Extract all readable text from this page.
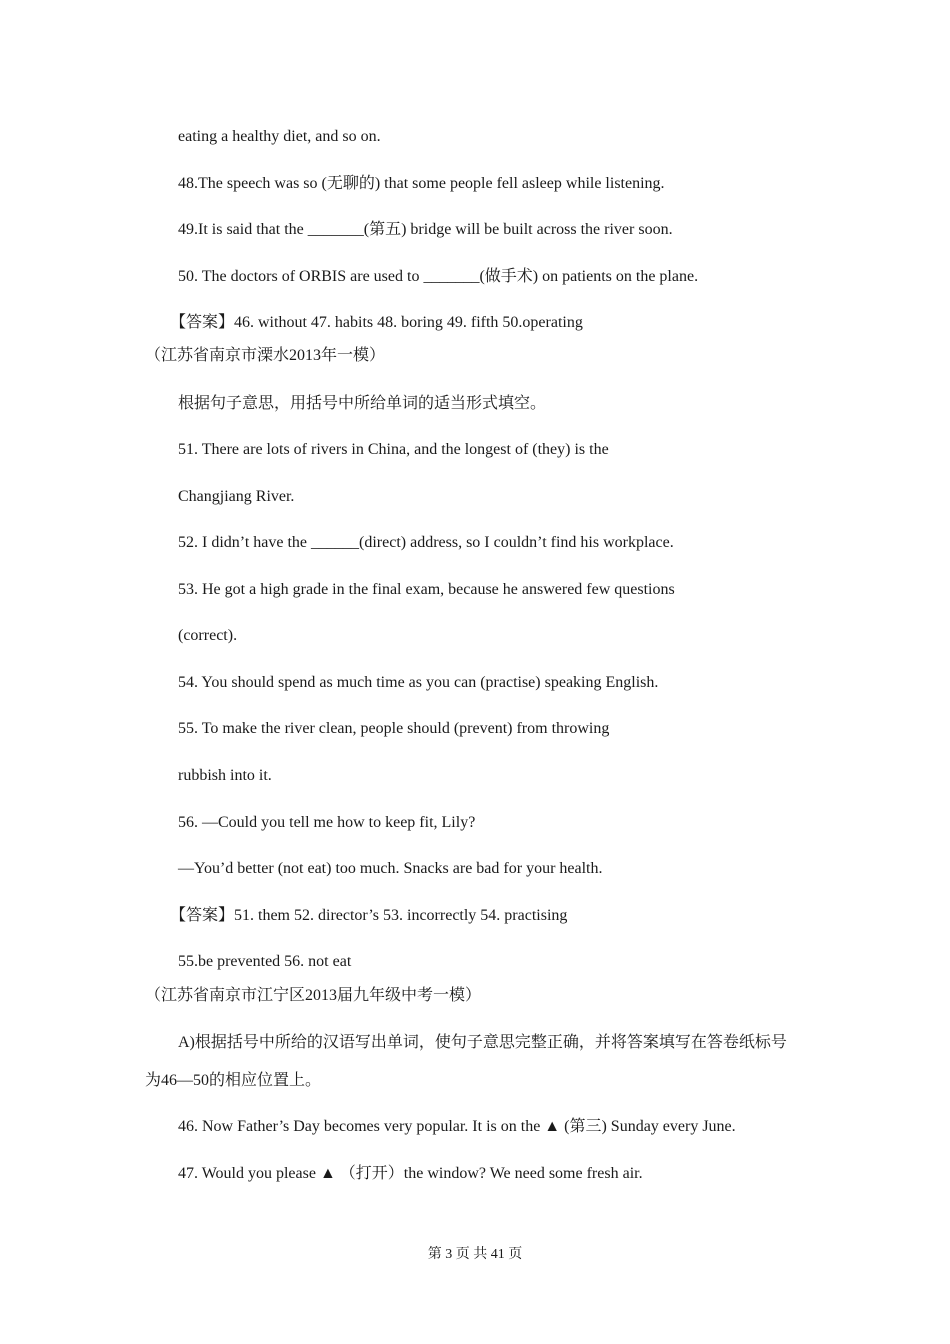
eating a healthy diet, and so on.
48.The speech was so (无聊的) that some people fell asleep while listening.
49.It is said that the _______(第五) bridge will be built across the river soon.
50. The doctors of ORBIS are used to _______(做手术) on patients on the plane.
【答案】46. without 47. habits 48. boring 49. fifth 50.operating
（江苏省南京市溧水2013年一模）
根据句子意思，用括号中所给单词的适当形式填空。
51. There are lots of rivers in China, and the longest of (they) is the
Changjiang River.
52. I didn’t have the ______(direct) address, so I couldn’t find his workplace.
53. He got a high grade in the final exam, because he answered few questions
(correct).
54. You should spend as much time as you can (practise) speaking English.
55. To make the river clean, people should (prevent) from throwing
rubbish into it.
56. —Could you tell me how to keep fit, Lily?
—You’d better (not eat) too much. Snacks are bad for your health.
【答案】51. them 52. director’s 53. incorrectly 54. practising
55.be prevented 56. not eat
（江苏省南京市江宁区2013届九年级中考一模）
A)根据括号中所给的汉语写出单词，使句子意思完整正确，并将答案填写在答卷纸标号
为46—50的相应位置上。
46. Now Father’s Day becomes very popular. It is on the ▲ (第三) Sunday every June.
47. Would you please ▲ （打开）the window? We need some fresh air.
第 3 页 共 41 页
